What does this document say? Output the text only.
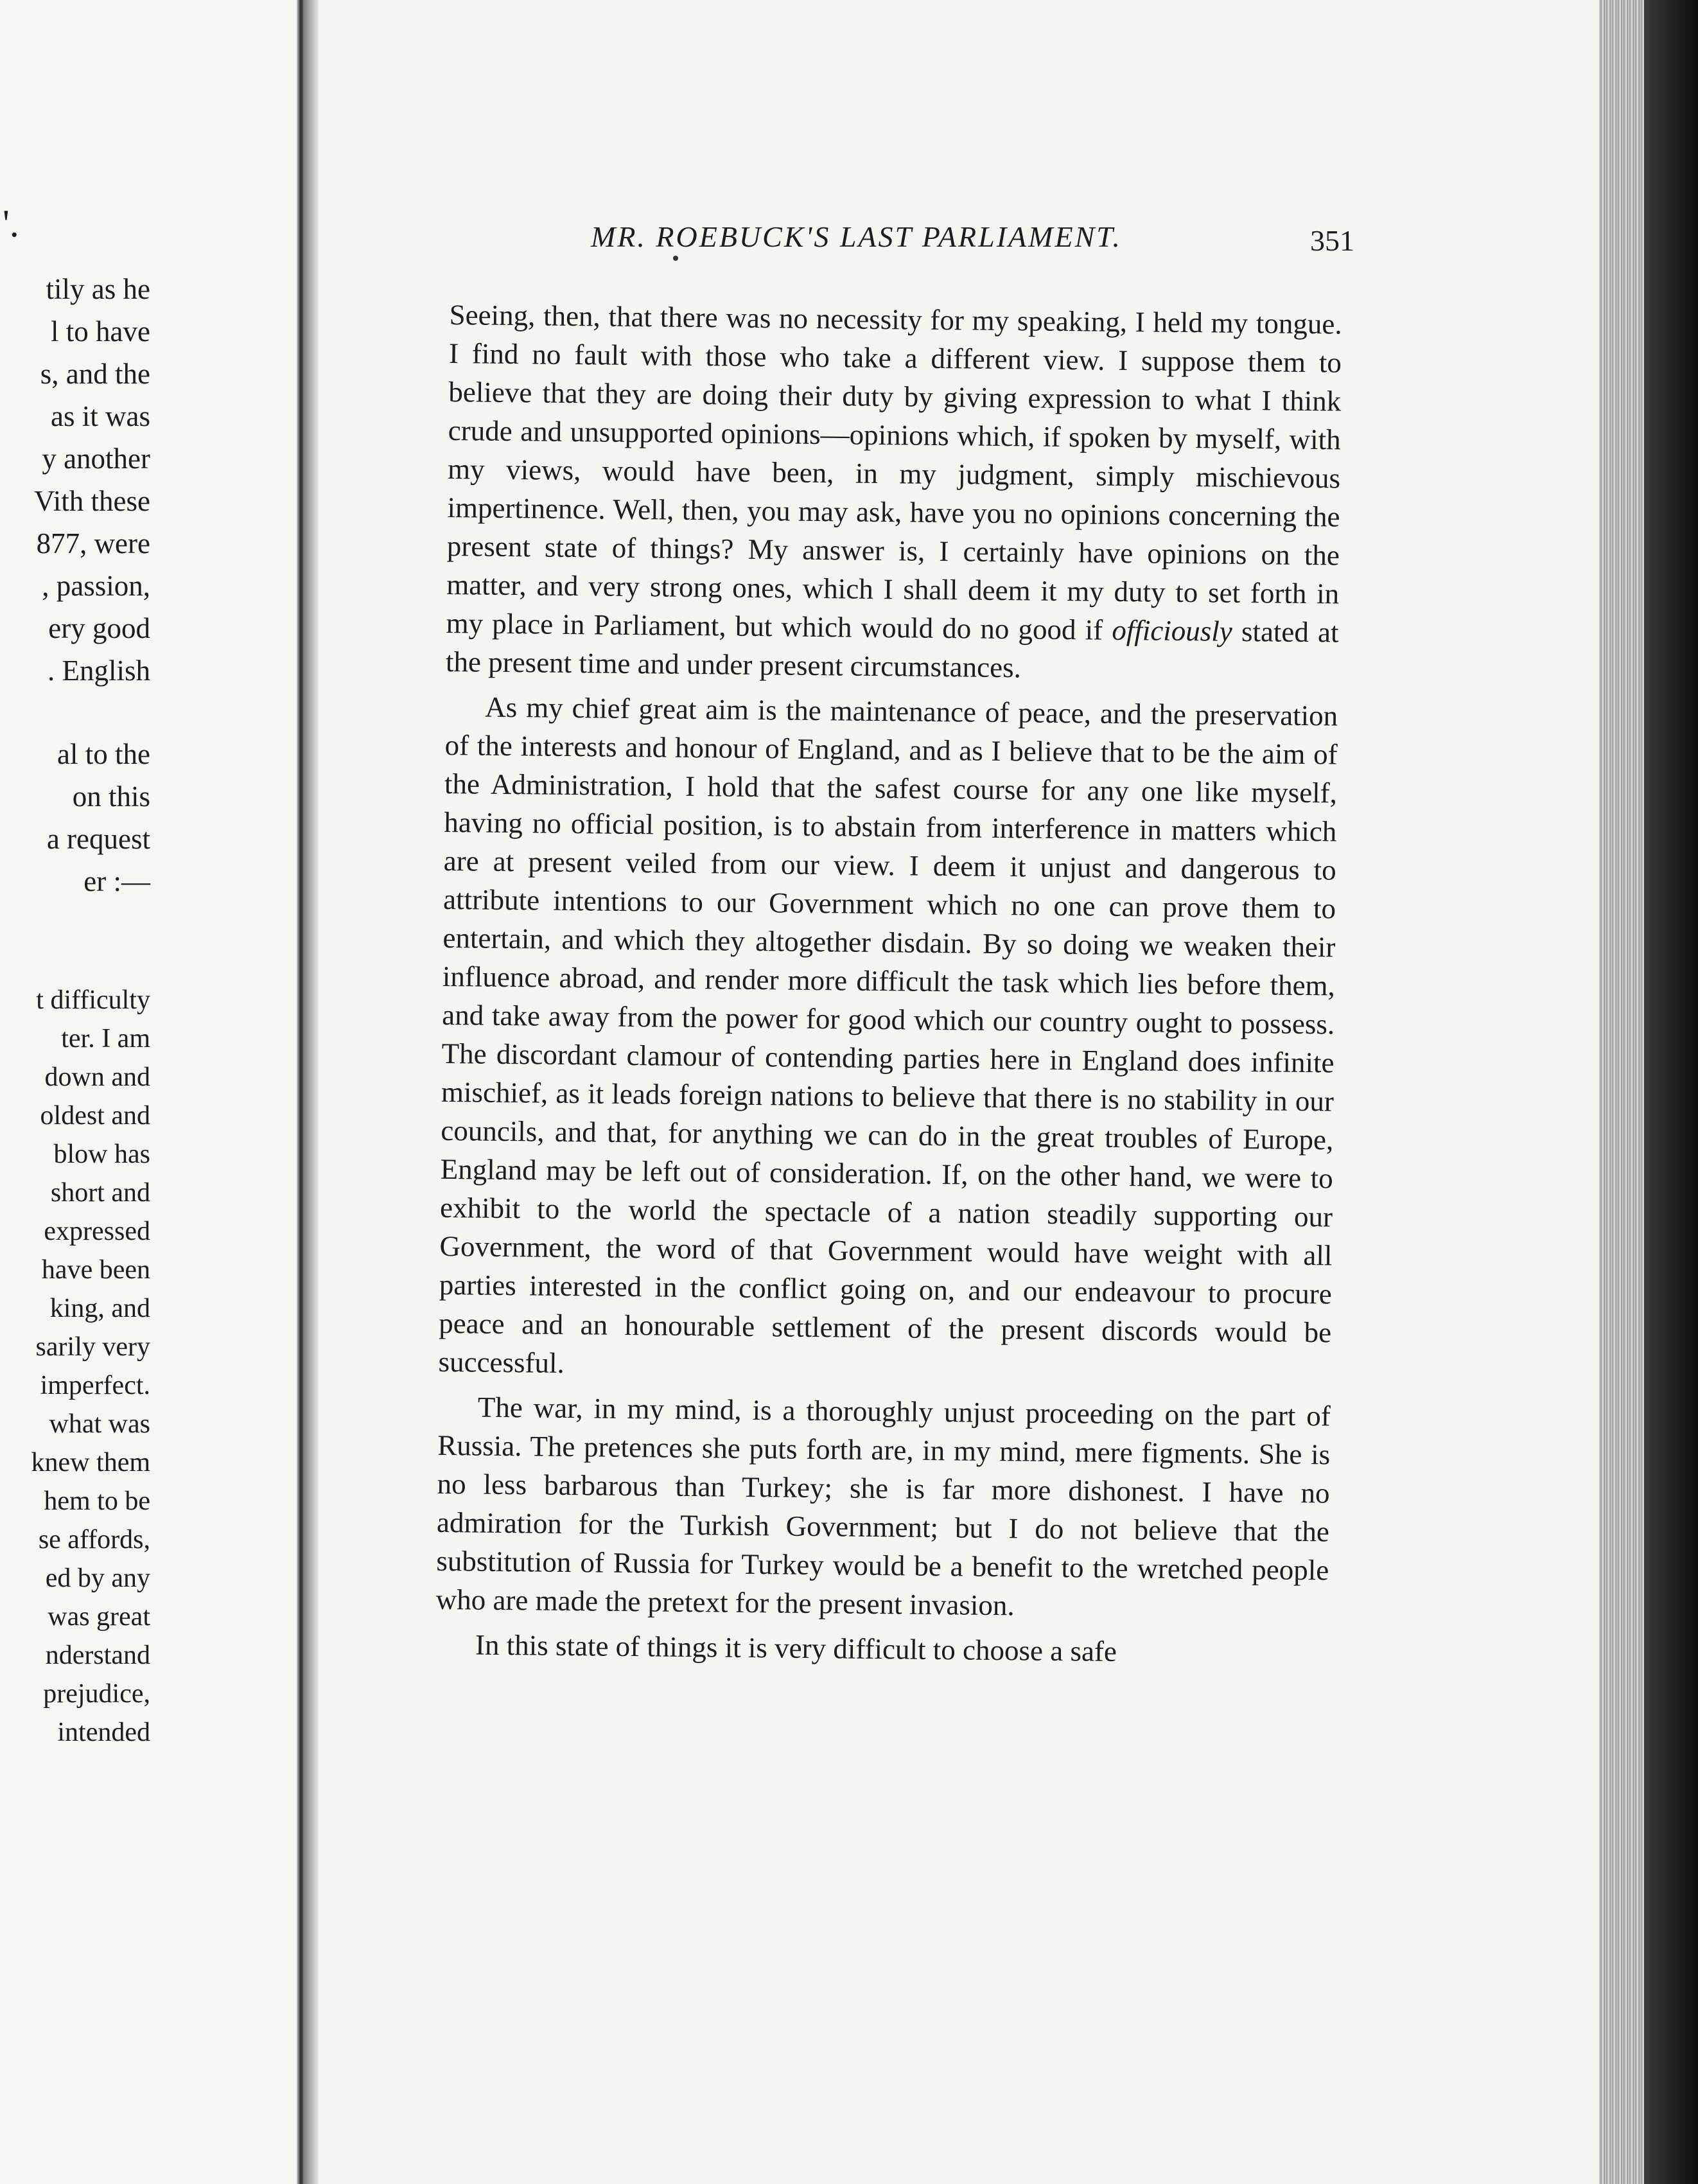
'.
tily as he
l to have
s, and the
as it was
y another
Vith these
877, were
, passion,
ery good
. English
al to the
on this
a request
er :—
t difficulty
ter. I am
down and
oldest and
blow has
short and
expressed
have been
king, and
sarily very
imperfect.
what was
knew them
hem to be
se affords,
ed by any
was great
nderstand
prejudice,
intended
MR. ROEBUCK'S LAST PARLIAMENT.	351

Seeing, then, that there was no necessity for my speaking, I held my tongue. I find no fault with those who take a different view. I suppose them to believe that they are doing their duty by giving expression to what I think crude and unsupported opinions—opinions which, if spoken by myself, with my views, would have been, in my judgment, simply mischievous impertinence. Well, then, you may ask, have you no opinions concerning the present state of things? My answer is, I certainly have opinions on the matter, and very strong ones, which I shall deem it my duty to set forth in my place in Parliament, but which would do no good if officiously stated at the present time and under present circumstances.

As my chief great aim is the maintenance of peace, and the preservation of the interests and honour of England, and as I believe that to be the aim of the Administration, I hold that the safest course for any one like myself, having no official position, is to abstain from interference in matters which are at present veiled from our view. I deem it unjust and dangerous to attribute intentions to our Government which no one can prove them to entertain, and which they altogether disdain. By so doing we weaken their influence abroad, and render more difficult the task which lies before them, and take away from the power for good which our country ought to possess. The discordant clamour of contending parties here in England does infinite mischief, as it leads foreign nations to believe that there is no stability in our councils, and that, for anything we can do in the great troubles of Europe, England may be left out of consideration. If, on the other hand, we were to exhibit to the world the spectacle of a nation steadily supporting our Government, the word of that Government would have weight with all parties interested in the conflict going on, and our endeavour to procure peace and an honourable settlement of the present discords would be successful.

The war, in my mind, is a thoroughly unjust proceeding on the part of Russia. The pretences she puts forth are, in my mind, mere figments. She is no less barbarous than Turkey; she is far more dishonest. I have no admiration for the Turkish Government; but I do not believe that the substitution of Russia for Turkey would be a benefit to the wretched people who are made the pretext for the present invasion.

In this state of things it is very difficult to choose a safe
